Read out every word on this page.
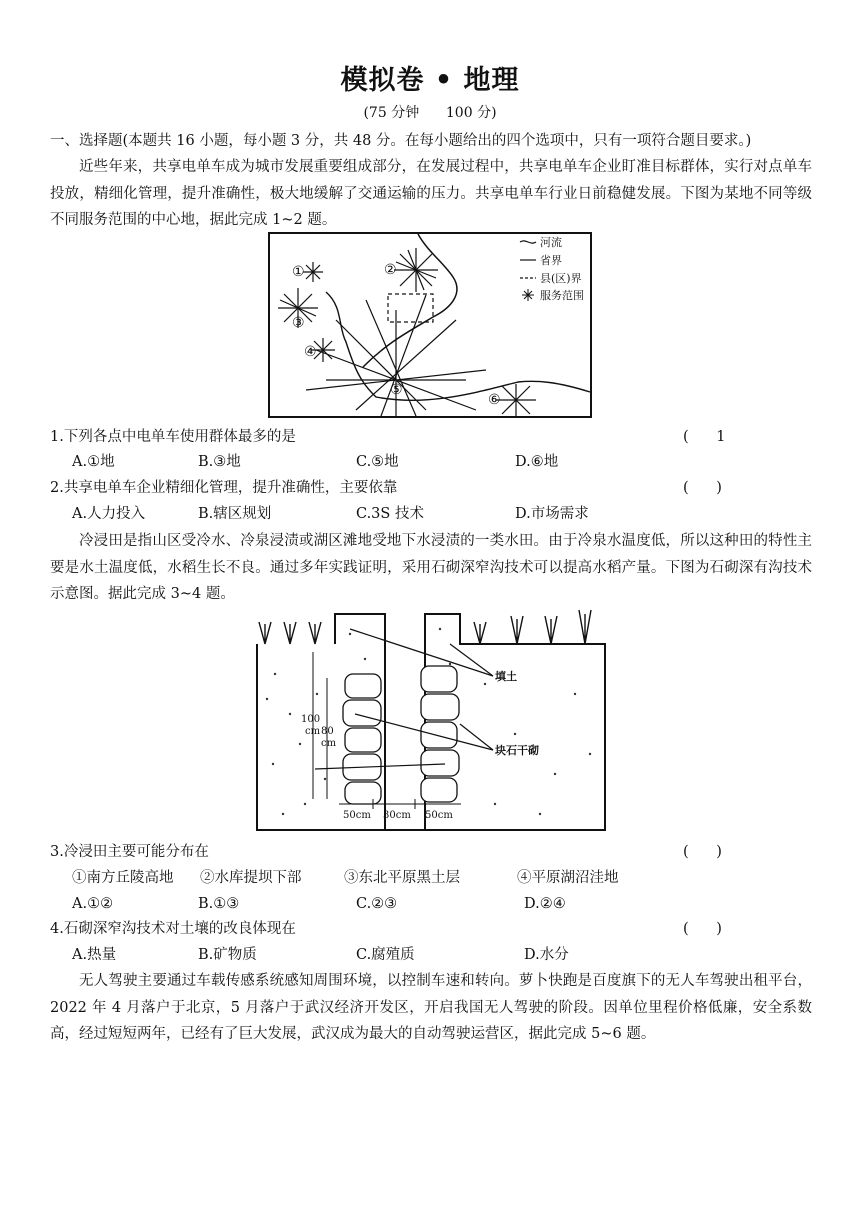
模拟卷 • 地理
(75 分钟      100 分)
一、选择题(本题共 16 小题，每小题 3 分，共 48 分。在每小题给出的四个选项中，只有一项符合题目要求。)
近些年来，共享电单车成为城市发展重要组成部分，在发展过程中，共享电单车企业盯准目标群体，实行对点单车投放，精细化管理，提升准确性，极大地缓解了交通运输的压力。共享电单车行业日前稳健发展。下图为某地不同等级不同服务范围的中心地，据此完成 1~2 题。
①	②
③
④
⑤
⑥
河流
省界
县(区)界
服务范围
1.下列各点中电单车使用群体最多的是	(      1
A.①地	B.③地	C.⑤地	D.⑥地
2.共享电单车企业精细化管理，提升准确性，主要依靠	(      )
A.人力投入	B.辖区规划	C.3S 技术	D.市场需求
冷浸田是指山区受冷水、冷泉浸渍或湖区滩地受地下水浸渍的一类水田。由于冷泉水温度低，所以这种田的特性主要是水土温度低，水稻生长不良。通过多年实践证明，采用石砌深窄沟技术可以提高水稻产量。下图为石砌深有沟技术示意图。据此完成 3~4 题。
100
cm 80
cm
50cm 30cm 50cm
填土
块石干砌
3.冷浸田主要可能分布在	(      )
①南方丘陵高地 ②水库提坝下部	③东北平原黑土层	④平原湖沼洼地
A.①②	B.①③	C.②③	D.②④
4.石砌深窄沟技术对土壤的改良体现在	(      )
A.热量	B.矿物质	C.腐殖质	D.水分
无人驾驶主要通过车载传感系统感知周围环境，以控制车速和转向。萝卜快跑是百度旗下的无人车驾驶出租平台，2022 年 4 月落户于北京，5 月落户于武汉经济开发区，开启我国无人驾驶的阶段。因单位里程价格低廉，安全系数高，经过短短两年，已经有了巨大发展，武汉成为最大的自动驾驶运营区，据此完成 5~6 题。
